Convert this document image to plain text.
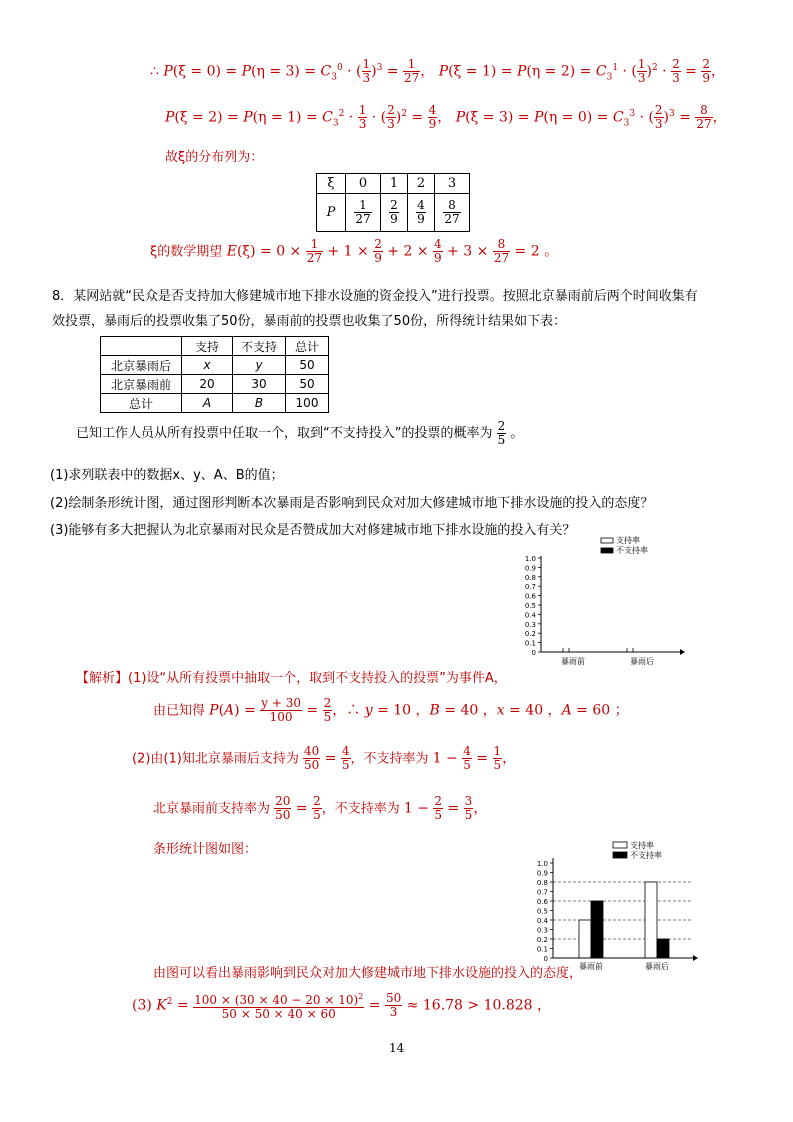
∴ $P(\xi = 0) = P(\eta = 3) = C_3^0$ · ( $\frac{1}{3} )^3 = \frac{1}{27}$ ， $P(\xi = 1) = P(\eta = 2) = C_3^1$ · ( $\frac{1}{3} )^2 \cdot \frac{2}{3} = \frac{2}{9}$ ，
$P(\xi = 2) = P(\eta = 1) = C_3^2 \cdot \frac{1}{3}$ · ( $\frac{2}{3} )^2 = \frac{4}{9}$ ， $P(\xi = 3) = P(\eta = 0) = C_3^3$ · ( $\frac{2}{3} )^3 = \frac{8}{27}$ ，
故ξ的分布列为：
ξ	0	1	2	3
P	$\frac{1}{27}$	$\frac{2}{9}$	$\frac{4}{9}$	$\frac{8}{27}$
ξ的数学期望 $E(\xi) = 0 \times \frac{1}{27} + 1 \times \frac{2}{9} + 2 \times \frac{4}{9} + 3 \times \frac{8}{27} = 2$ 。
8．某网站就“民众是否支持加大修建城市地下排水设施的资金投入”进行投票。按照北京暴雨前后两个时间收集有
效投票，暴雨后的投票收集了50份，暴雨前的投票也收集了50份，所得统计结果如下表：
	支持	不支持	总计
北京暴雨后	x	y	50
北京暴雨前	20	30	50
总计	A	B	100
已知工作人员从所有投票中任取一个，取到“不支持投入”的投票的概率为 $\frac{2}{5}$ 。
(1)求列联表中的数据x、y、A、B的值；
(2)绘制条形统计图，通过图形判断本次暴雨是否影响到民众对加大修建城市地下排水设施的投入的态度？
(3)能够有多大把握认为北京暴雨对民众是否赞成加大对修建城市地下排水设施的投入有关？
0
0.1
0.2
0.3
0.4
0.5
0.6
0.7
0.8
0.9
1.0
支持率
不支持率
暴雨前	暴雨后
【解析】(1)设“从所有投票中抽取一个，取到不支持投入的投票”为事件A，
由已知得 $P(A) = \frac{y + 30}{100} = \frac{2}{5}$ ，∴ y = 10 ，B = 40 ，x = 40 ，A = 60 ；
(2)由(1)知北京暴雨后支持为 $\frac{40}{50} = \frac{4}{5}$ ，不支持率为 $1 - \frac{4}{5} = \frac{1}{5}$ ，
北京暴雨前支持率为 $\frac{20}{50} = \frac{2}{5}$ ，不支持率为 $1 - \frac{2}{5} = \frac{3}{5}$ ，
条形统计图如图：
0
0.1
0.2
0.3
0.4
0.5
0.6
0.7
0.8
0.9
1.0
支持率
不支持率
暴雨前	暴雨后
由图可以看出暴雨影响到民众对加大修建城市地下排水设施的投入的态度，
(3) $K^2 = \frac{100 \times (30 \times 40 - 20 \times 10)^2}{50 \times 50 \times 40 \times 60} = \frac{50}{3} \approx 16.78 > 10.828$ ，
14
